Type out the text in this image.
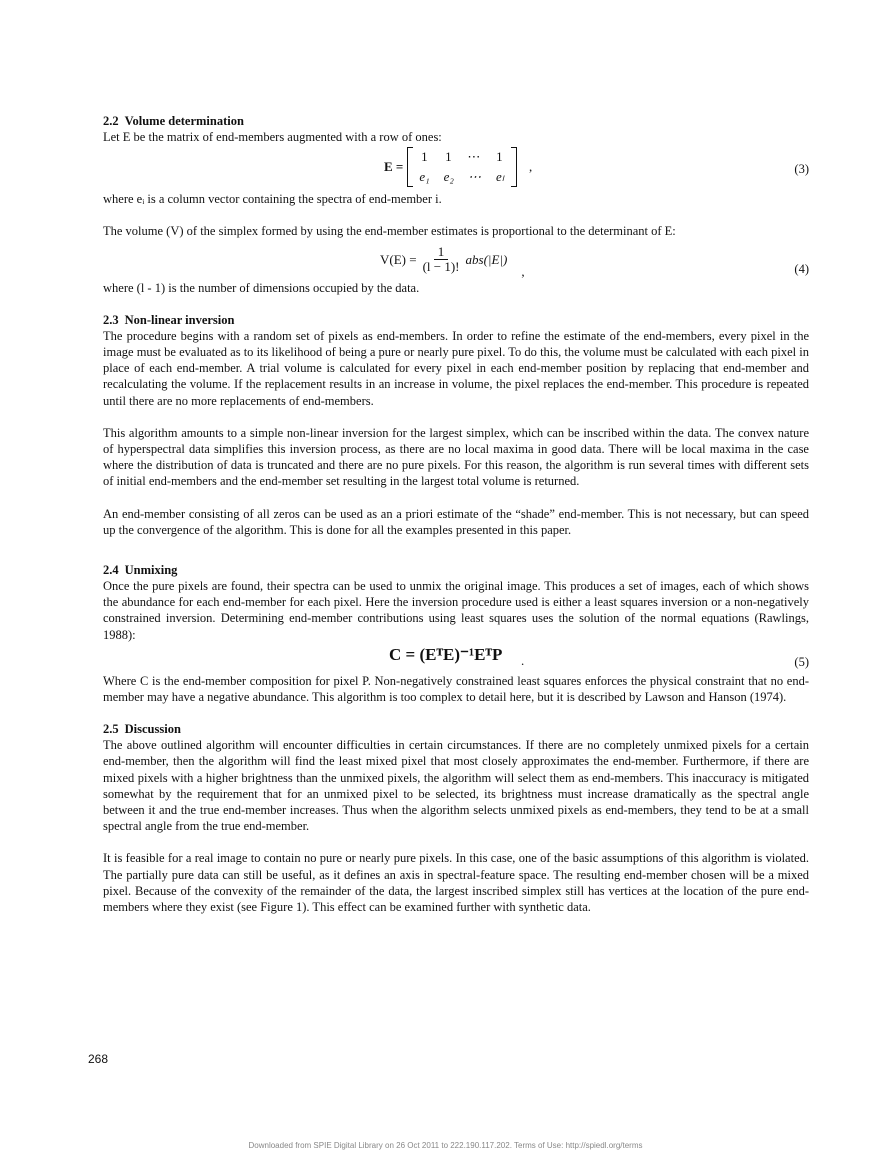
2.2 Volume determination

Let E be the matrix of end-members augmented with a row of ones:

E =
1 1 ⋯ 1
e₁ e₂ ⋯ eₗ
,	(3)

where eᵢ is a column vector containing the spectra of end-member i.

The volume (V) of the simplex formed by using the end-member estimates is proportional to the determinant of E:

$V(E) = \frac{1}{(l - 1)!} abs(|E|)$
,	(4)

where (l - 1) is the number of dimensions occupied by the data.

2.3 Non-linear inversion

The procedure begins with a random set of pixels as end-members. In order to refine the estimate of the end-members, every pixel in the image must be evaluated as to its likelihood of being a pure or nearly pure pixel. To do this, the volume must be calculated with each pixel in place of each end-member. A trial volume is calculated for every pixel in each end-member position by replacing that end-member and recalculating the volume. If the replacement results in an increase in volume, the pixel replaces the end-member. This procedure is repeated until there are no more replacements of end-members.

This algorithm amounts to a simple non-linear inversion for the largest simplex, which can be inscribed within the data. The convex nature of hyperspectral data simplifies this inversion process, as there are no local maxima in good data. There will be local maxima in the case where the distribution of data is truncated and there are no pure pixels. For this reason, the algorithm is run several times with different sets of initial end-members and the end-member set resulting in the largest total volume is returned.

An end-member consisting of all zeros can be used as an a priori estimate of the “shade” end-member. This is not necessary, but can speed up the convergence of the algorithm. This is done for all the examples presented in this paper.

2.4 Unmixing

Once the pure pixels are found, their spectra can be used to unmix the original image. This produces a set of images, each of which shows the abundance for each end-member for each pixel. Here the inversion procedure used is either a least squares inversion or a non-negatively constrained inversion. Determining end-member contributions using least squares uses the solution of the normal equations (Rawlings, 1988):

C = (EᵀE)⁻¹EᵀP .	(5)

Where C is the end-member composition for pixel P. Non-negatively constrained least squares enforces the physical constraint that no end-member may have a negative abundance. This algorithm is too complex to detail here, but it is described by Lawson and Hanson (1974).

2.5 Discussion

The above outlined algorithm will encounter difficulties in certain circumstances. If there are no completely unmixed pixels for a certain end-member, then the algorithm will find the least mixed pixel that most closely approximates the end-member. Furthermore, if there are mixed pixels with a higher brightness than the unmixed pixels, the algorithm will select them as end-members. This inaccuracy is mitigated somewhat by the requirement that for an unmixed pixel to be selected, its brightness must increase dramatically as the spectral angle between it and the true end-member increases. Thus when the algorithm selects unmixed pixels as end-members, they tend to be at a small spectral angle from the true end-member.

It is feasible for a real image to contain no pure or nearly pure pixels. In this case, one of the basic assumptions of this algorithm is violated. The partially pure data can still be useful, as it defines an axis in spectral-feature space. The resulting end-member chosen will be a mixed pixel. Because of the convexity of the remainder of the data, the largest inscribed simplex still has vertices at the location of the pure end-members where they exist (see Figure 1). This effect can be examined further with synthetic data.

268
Downloaded from SPIE Digital Library on 26 Oct 2011 to 222.190.117.202. Terms of Use: http://spiedl.org/terms
